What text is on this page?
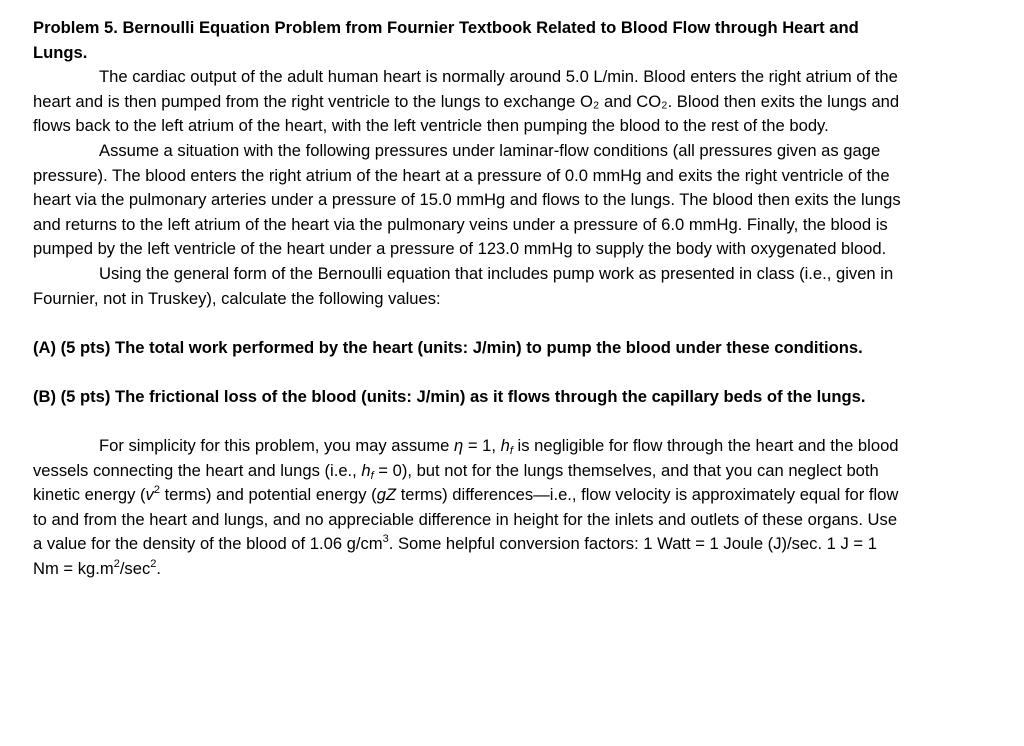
Problem 5. Bernoulli Equation Problem from Fournier Textbook Related to Blood Flow through Heart and Lungs.

The cardiac output of the adult human heart is normally around 5.0 L/min. Blood enters the right atrium of the heart and is then pumped from the right ventricle to the lungs to exchange O₂ and CO₂. Blood then exits the lungs and flows back to the left atrium of the heart, with the left ventricle then pumping the blood to the rest of the body.

Assume a situation with the following pressures under laminar-flow conditions (all pressures given as gage pressure). The blood enters the right atrium of the heart at a pressure of 0.0 mmHg and exits the right ventricle of the heart via the pulmonary arteries under a pressure of 15.0 mmHg and flows to the lungs. The blood then exits the lungs and returns to the left atrium of the heart via the pulmonary veins under a pressure of 6.0 mmHg. Finally, the blood is pumped by the left ventricle of the heart under a pressure of 123.0 mmHg to supply the body with oxygenated blood.

Using the general form of the Bernoulli equation that includes pump work as presented in class (i.e., given in Fournier, not in Truskey), calculate the following values:

(A) (5 pts) The total work performed by the heart (units: J/min) to pump the blood under these conditions.

(B) (5 pts) The frictional loss of the blood (units: J/min) as it flows through the capillary beds of the lungs.

For simplicity for this problem, you may assume η = 1, $h_f$ is negligible for flow through the heart and the blood vessels connecting the heart and lungs (i.e., $h_f = 0$), but not for the lungs themselves, and that you can neglect both kinetic energy ($v^2$ terms) and potential energy (gZ terms) differences—i.e., flow velocity is approximately equal for flow to and from the heart and lungs, and no appreciable difference in height for the inlets and outlets of these organs. Use a value for the density of the blood of 1.06 $g/cm^3$. Some helpful conversion factors: 1 Watt = 1 Joule (J)/sec. 1 J = 1 $Nm = kg.m^2/\sec^2$.
